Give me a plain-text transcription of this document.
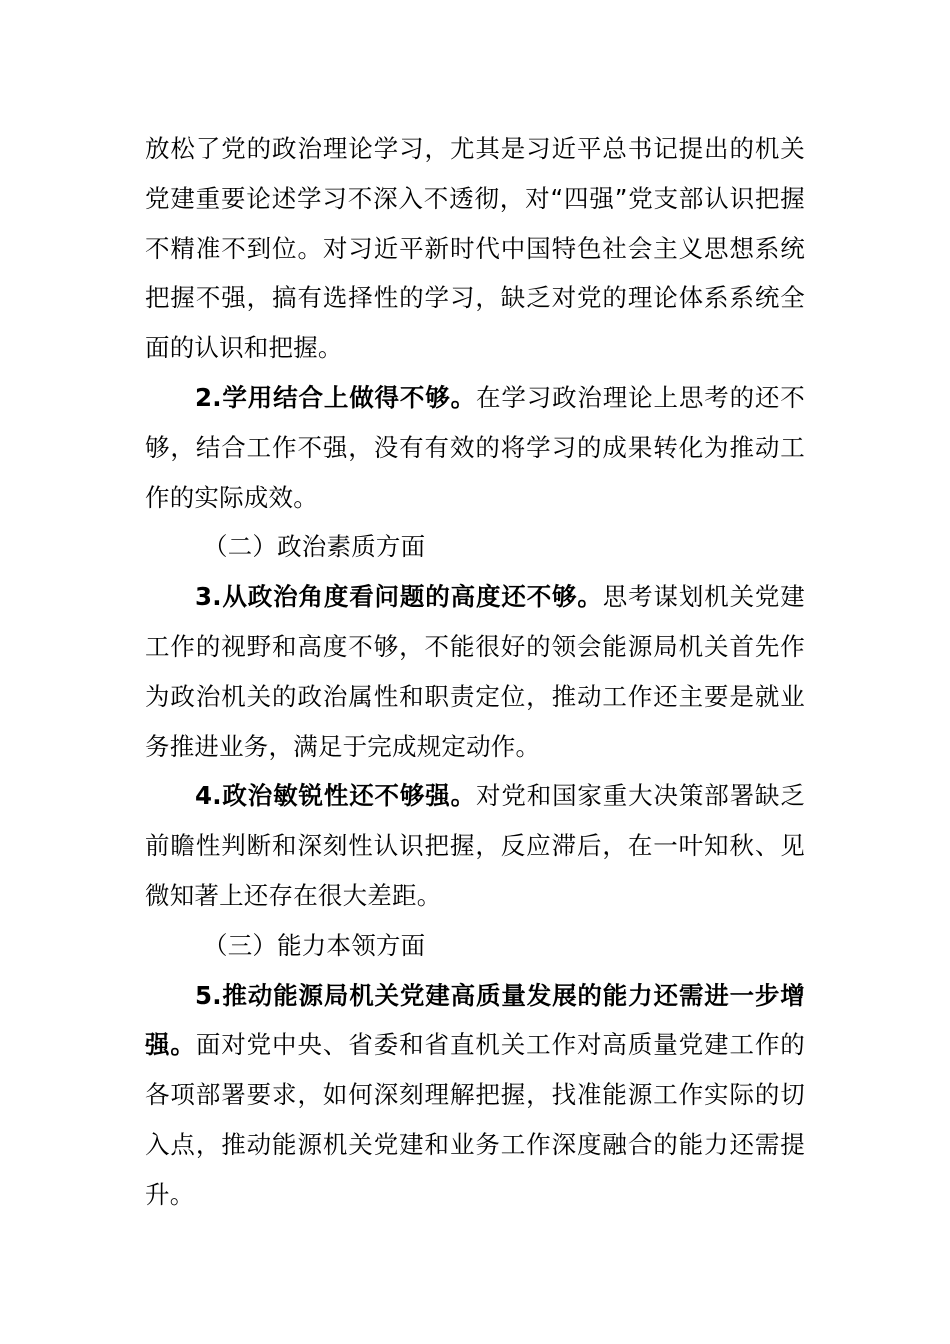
放松了党的政治理论学习，尤其是习近平总书记提出的机关党建重要论述学习不深入不透彻，对“四强”党支部认识把握不精准不到位。对习近平新时代中国特色社会主义思想系统把握不强，搞有选择性的学习，缺乏对党的理论体系系统全面的认识和把握。

2.学用结合上做得不够。在学习政治理论上思考的还不够，结合工作不强，没有有效的将学习的成果转化为推动工作的实际成效。

（二）政治素质方面

3.从政治角度看问题的高度还不够。思考谋划机关党建工作的视野和高度不够，不能很好的领会能源局机关首先作为政治机关的政治属性和职责定位，推动工作还主要是就业务推进业务，满足于完成规定动作。

4.政治敏锐性还不够强。对党和国家重大决策部署缺乏前瞻性判断和深刻性认识把握，反应滞后，在一叶知秋、见微知著上还存在很大差距。

（三）能力本领方面

5.推动能源局机关党建高质量发展的能力还需进一步增强。面对党中央、省委和省直机关工作对高质量党建工作的各项部署要求，如何深刻理解把握，找准能源工作实际的切入点，推动能源机关党建和业务工作深度融合的能力还需提升。
